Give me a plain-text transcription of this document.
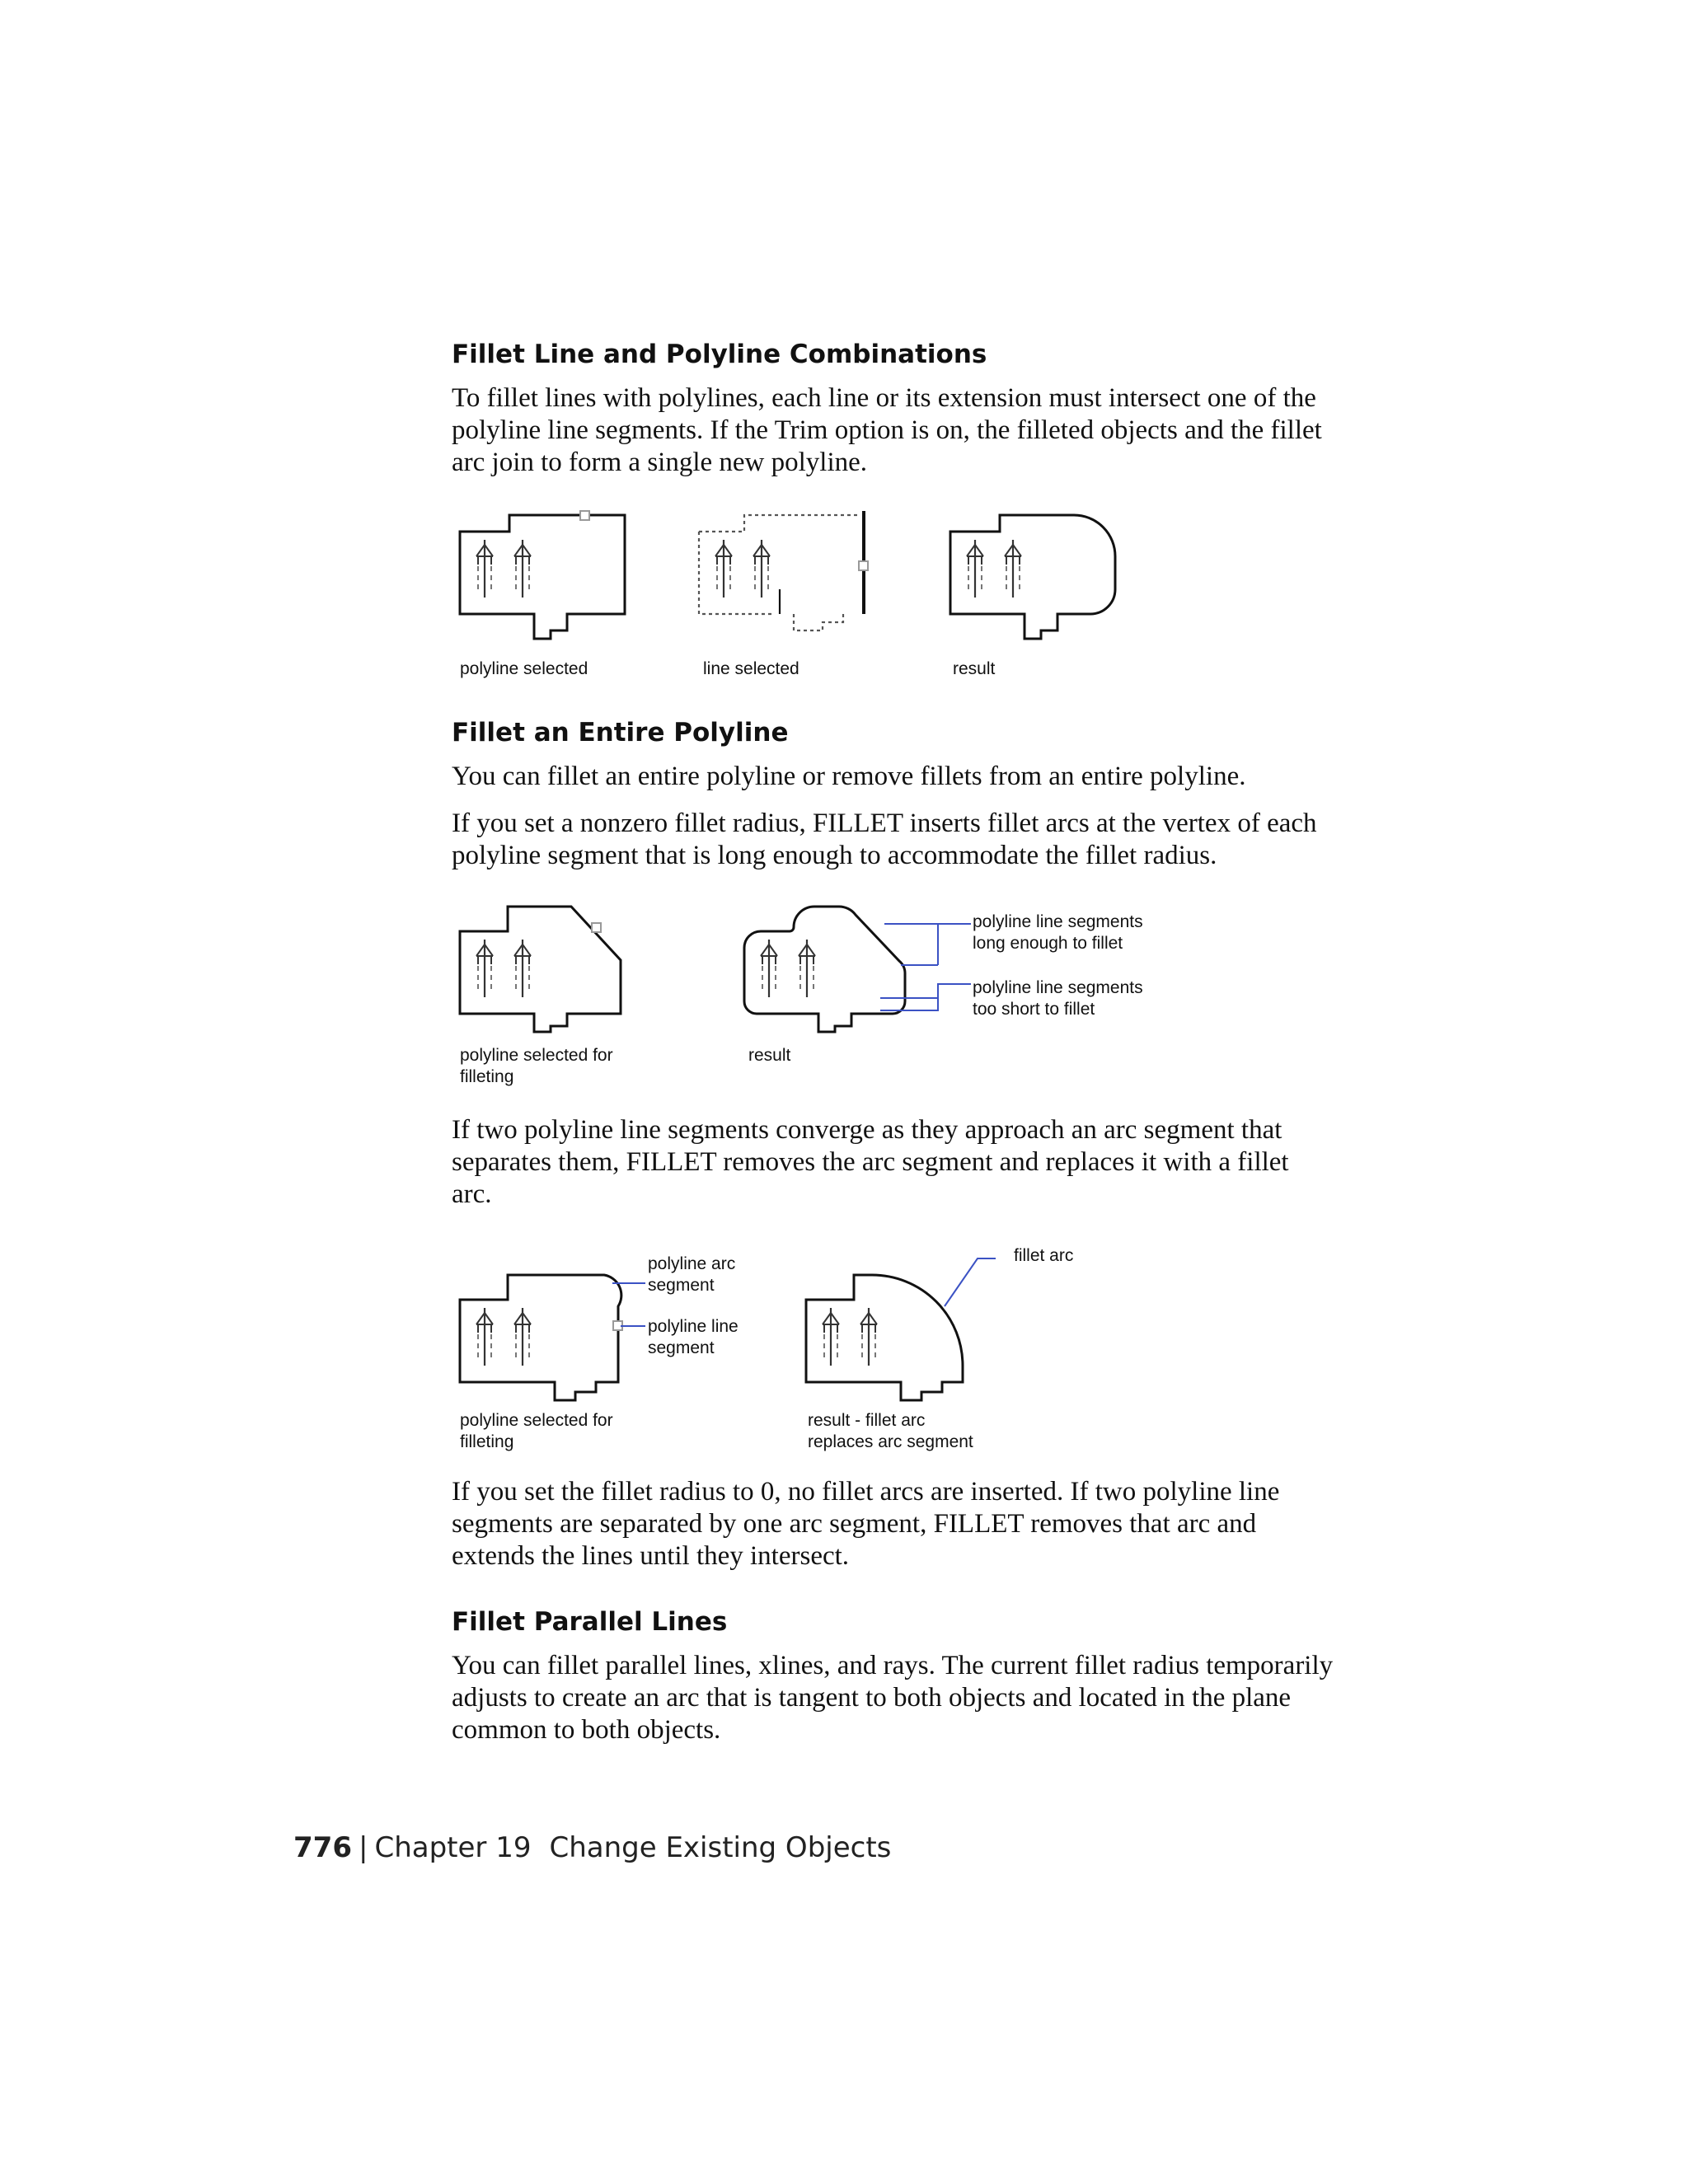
Fillet Line and Polyline Combinations

To fillet lines with polylines, each line or its extension must intersect one of the polyline line segments. If the Trim option is on, the filleted objects and the fillet arc join to form a single new polyline.

polyline selected	line selected	result
Fillet an Entire Polyline

You can fillet an entire polyline or remove fillets from an entire polyline.

If you set a nonzero fillet radius, FILLET inserts fillet arcs at the vertex of each polyline segment that is long enough to accommodate the fillet radius.

polyline line segments
long enough to fillet
polyline line segments
too short to fillet
polyline selected for
filleting
result

If two polyline line segments converge as they approach an arc segment that separates them, FILLET removes the arc segment and replaces it with a fillet arc.

polyline arc
segment
polyline line
segment
fillet arc
polyline selected for
filleting
result - fillet arc
replaces arc segment

If you set the fillet radius to 0, no fillet arcs are inserted. If two polyline line segments are separated by one arc segment, FILLET removes that arc and extends the lines until they intersect.

Fillet Parallel Lines

You can fillet parallel lines, xlines, and rays. The current fillet radius temporarily adjusts to create an arc that is tangent to both objects and located in the plane common to both objects.

776 | Chapter 19 Change Existing Objects
